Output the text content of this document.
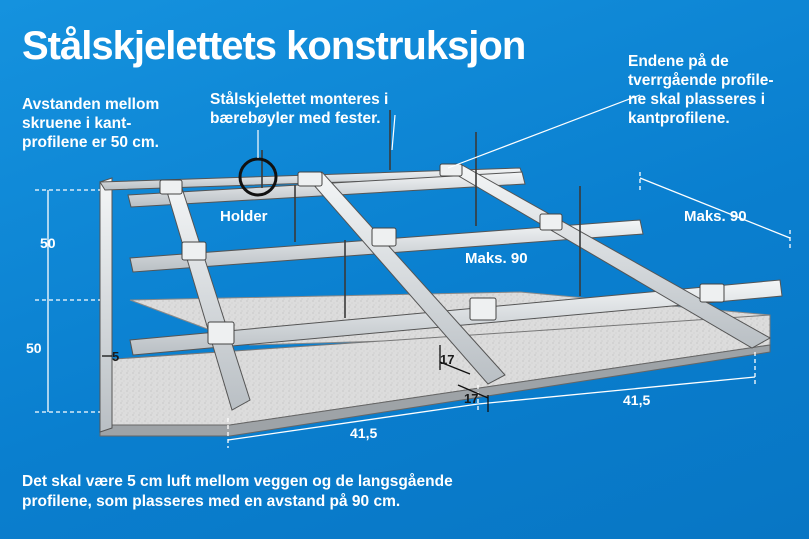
Stålskjelettets konstruksjon

Avstanden mellom
skruene i kant-
profilene er 50 cm.

Stålskjelettet monteres i
bærebøyler med fester.

Endene på de
tverrgående profile-
ne skal plasseres i
kantprofilene.

Holder	Maks. 90
Maks. 90
50
50
5	17
17
41,5
41,5

Det skal være 5 cm luft mellom veggen og de langsgående
profilene, som plasseres med en avstand på 90 cm.
